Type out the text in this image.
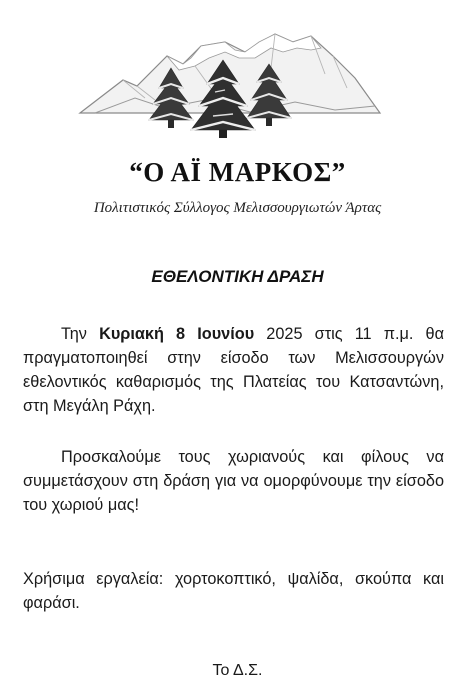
“Ο ΑΪ ΜΑΡΚΟΣ”
Πολιτιστικός Σύλλογος Μελισσουργιωτών Άρτας
ΕΘΕΛΟΝΤΙΚΗ ΔΡΑΣΗ

Την Κυριακή 8 Ιουνίου 2025 στις 11 π.μ. θα πραγματοποιηθεί στην είσοδο των Μελισσουργών εθελοντικός καθαρισμός της Πλατείας του Κατσαντώνη, στη Μεγάλη Ράχη.

Προσκαλούμε τους χωριανούς και φίλους να συμμετάσχουν στη δράση για να ομορφύνουμε την είσοδο του χωριού μας!

Χρήσιμα εργαλεία: χορτοκοπτικό, ψαλίδα, σκούπα και φαράσι.

Το Δ.Σ.
